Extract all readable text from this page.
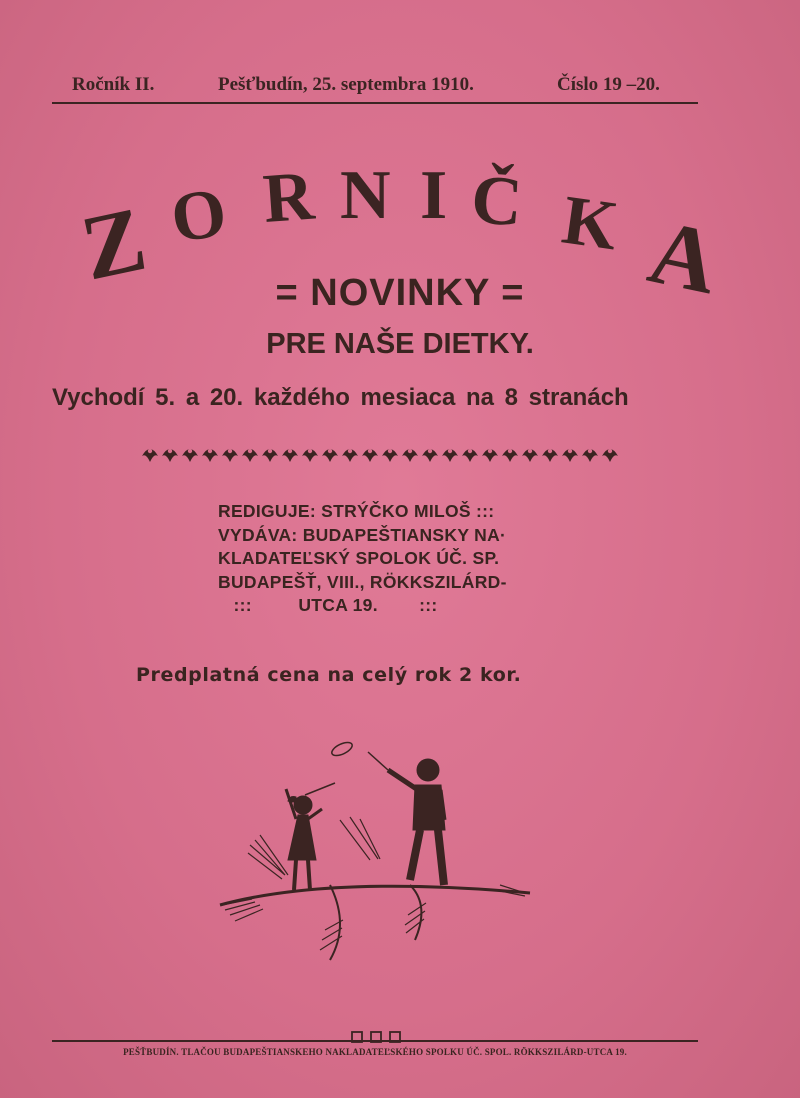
Ročník II.	Pešťbudín, 25. septembra 1910.	Číslo 19 –20.
Z O R N I Č K A
= NOVINKY =
PRE NAŠE DIETKY.
Vychodí 5. a 20. každého mesiaca na 8 stranách
REDIGUJE: STRÝČKO MILOŠ :::
VYDÁVA: BUDAPEŠTIANSKY NA·
KLADATEĽSKÝ SPOLOK ÚČ. SP.
BUDAPEŠŤ, VIII., RÖKKSZILÁRD-
:::         UTCA 19.        :::
Predplatná cena na celý rok 2 kor.
PEŠŤBUDÍN. TLAČOU BUDAPEŠTIANSKEHO NAKLADATEĽSKÉHO SPOLKU ÚČ. SPOL. RÖKKSZILÁRD-UTCA 19.
